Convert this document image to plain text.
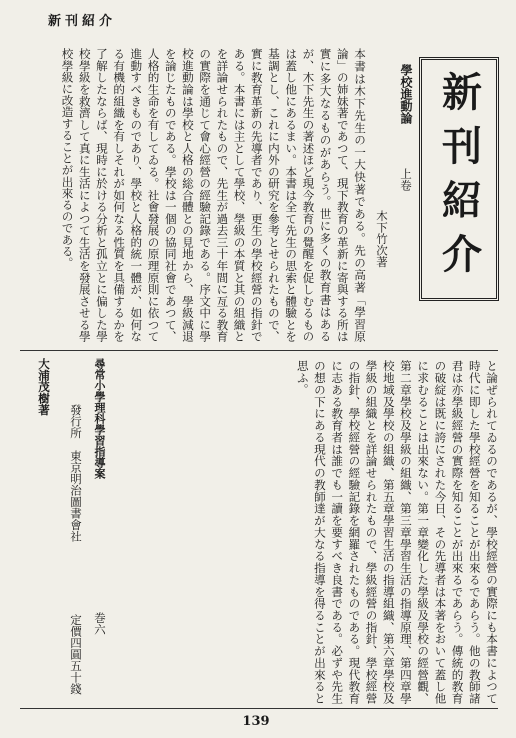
新刊紹介
新刊紹介
學校進動論
上卷
木下竹次著

本書は木下先生の一大快著である。先の高著「學習原論」の姉妹著であつて、現下教育の革新に寄與する所は實に多大なるものがあらう。世に多くの教育書はあるが、木下先生の著述ほど現今教育の覺醒を促しむるものは蓋し他にあるまい。本書は全て先生の思索と體驗とを基調とし、これに内外の研究を參考とせられたもので、實に教育革新の先導者であり、更生の學校經營の指針である。本書には主として學校、學級の本質と其の組織とを詳論せられたもので、先生が過去三十年間に亙る教育の實際を通じて會心經營の經驗記錄である。序文中に學校進動論は學校と人格の総合體との見地から、學級減退を論じたものである。學校は一個の協同社會であつて、人格的生命を有してゐる。社會發展の原理原則に依つて進動すべきものであり、學校と人格的統一體が、如何なる有機的組織を有しそれが如何なる性質を具備するかを了解したならば、現時に於ける分析と孤立とに偏した學校學級を救濟して真に生活によつて生活を發展させる學校學級に改造することが出來るのである。

發行所　東京明治圖書會社
定價四圓五十錢
尋常小學理科學習指導案
巻六	と論ぜられてゐるのであるが、學校經營の實際にも本書によつて時代に即した學校經營を知ることが出來るであらう。他の教師諸君は亦學級經營の實際を知ることが出來るであらう。傳統的教育の破綻は既に誇にされた今日、その先導者は本著をおいて蓋し他に求むることは出來ない。第一章變化した學級及學校の經營觀、第二章學校及學級の組織、第三章學習生活の指導原理、第四章學校地域及學校の組織、第五章學習生活の指導組織、第六章學校及學級の組織とを詳論せられたもので、學級經營の指針、學校經營の指針、學校經營の經驗記錄を網羅されたものである。現代教育に志ある教育者は誰でも一讀を要すべき良書である。必ずや先生の想の下にある現代の教師達が大なる指導を得ることが出來ると思ふ。

大浦茂樹著
139
